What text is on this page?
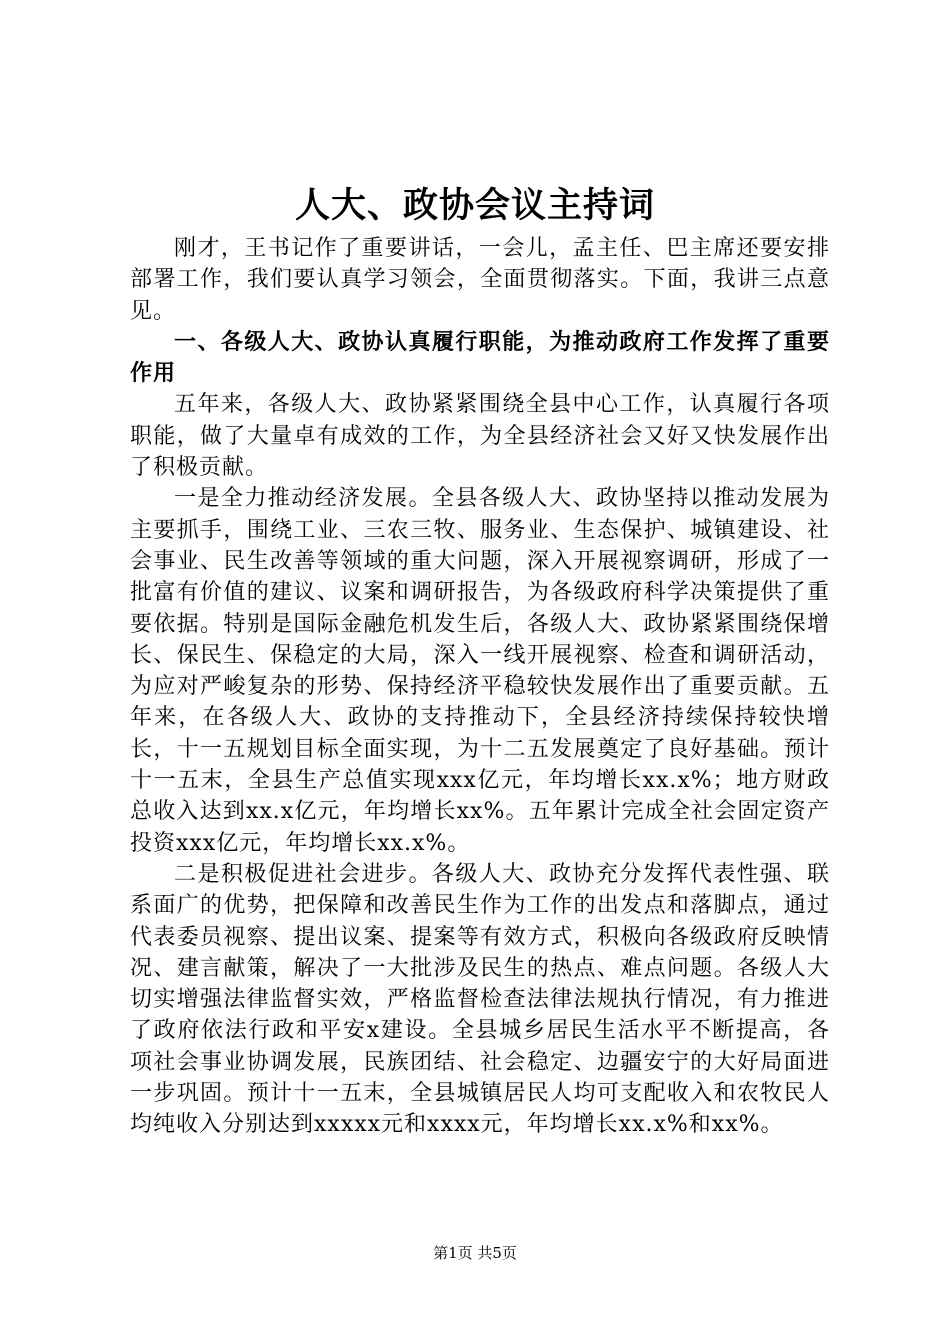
人大、政协会议主持词

刚才，王书记作了重要讲话，一会儿，孟主任、巴主席还要安排部署工作，我们要认真学习领会，全面贯彻落实。下面，我讲三点意见。

一、各级人大、政协认真履行职能，为推动政府工作发挥了重要作用

五年来，各级人大、政协紧紧围绕全县中心工作，认真履行各项职能，做了大量卓有成效的工作，为全县经济社会又好又快发展作出了积极贡献。

一是全力推动经济发展。全县各级人大、政协坚持以推动发展为主要抓手，围绕工业、三农三牧、服务业、生态保护、城镇建设、社会事业、民生改善等领域的重大问题，深入开展视察调研，形成了一批富有价值的建议、议案和调研报告，为各级政府科学决策提供了重要依据。特别是国际金融危机发生后，各级人大、政协紧紧围绕保增长、保民生、保稳定的大局，深入一线开展视察、检查和调研活动，为应对严峻复杂的形势、保持经济平稳较快发展作出了重要贡献。五年来，在各级人大、政协的支持推动下，全县经济持续保持较快增长，十一五规划目标全面实现，为十二五发展奠定了良好基础。预计十一五末，全县生产总值实现xxx亿元，年均增长xx.x%；地方财政总收入达到xx.x亿元，年均增长xx%。五年累计完成全社会固定资产投资xxx亿元，年均增长xx.x%。

二是积极促进社会进步。各级人大、政协充分发挥代表性强、联系面广的优势，把保障和改善民生作为工作的出发点和落脚点，通过代表委员视察、提出议案、提案等有效方式，积极向各级政府反映情况、建言献策，解决了一大批涉及民生的热点、难点问题。各级人大切实增强法律监督实效，严格监督检查法律法规执行情况，有力推进了政府依法行政和平安x建设。全县城乡居民生活水平不断提高，各项社会事业协调发展，民族团结、社会稳定、边疆安宁的大好局面进一步巩固。预计十一五末，全县城镇居民人均可支配收入和农牧民人均纯收入分别达到xxxxx元和xxxx元，年均增长xx.x%和xx%。

第1页 共5页
